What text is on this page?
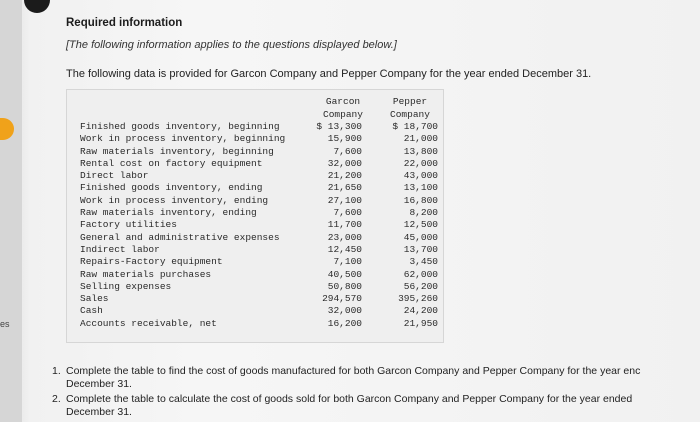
es
Required information
[The following information applies to the questions displayed below.]
The following data is provided for Garcon Company and Pepper Company for the year ended December 31.
Garcon
Company
Pepper
Company
Finished goods inventory, beginning	$ 13,300	$ 18,700
Work in process inventory, beginning	15,900	21,000
Raw materials inventory, beginning	7,600	13,800
Rental cost on factory equipment	32,000	22,000
Direct labor	21,200	43,000
Finished goods inventory, ending	21,650	13,100
Work in process inventory, ending	27,100	16,800
Raw materials inventory, ending	7,600	8,200
Factory utilities	11,700	12,500
General and administrative expenses	23,000	45,000
Indirect labor	12,450	13,700
Repairs-Factory equipment	7,100	3,450
Raw materials purchases	40,500	62,000
Selling expenses	50,800	56,200
Sales	294,570	395,260
Cash	32,000	24,200
Accounts receivable, net	16,200	21,950
1. Complete the table to find the cost of goods manufactured for both Garcon Company and Pepper Company for the year enc
December 31.
2. Complete the table to calculate the cost of goods sold for both Garcon Company and Pepper Company for the year ended
December 31.
